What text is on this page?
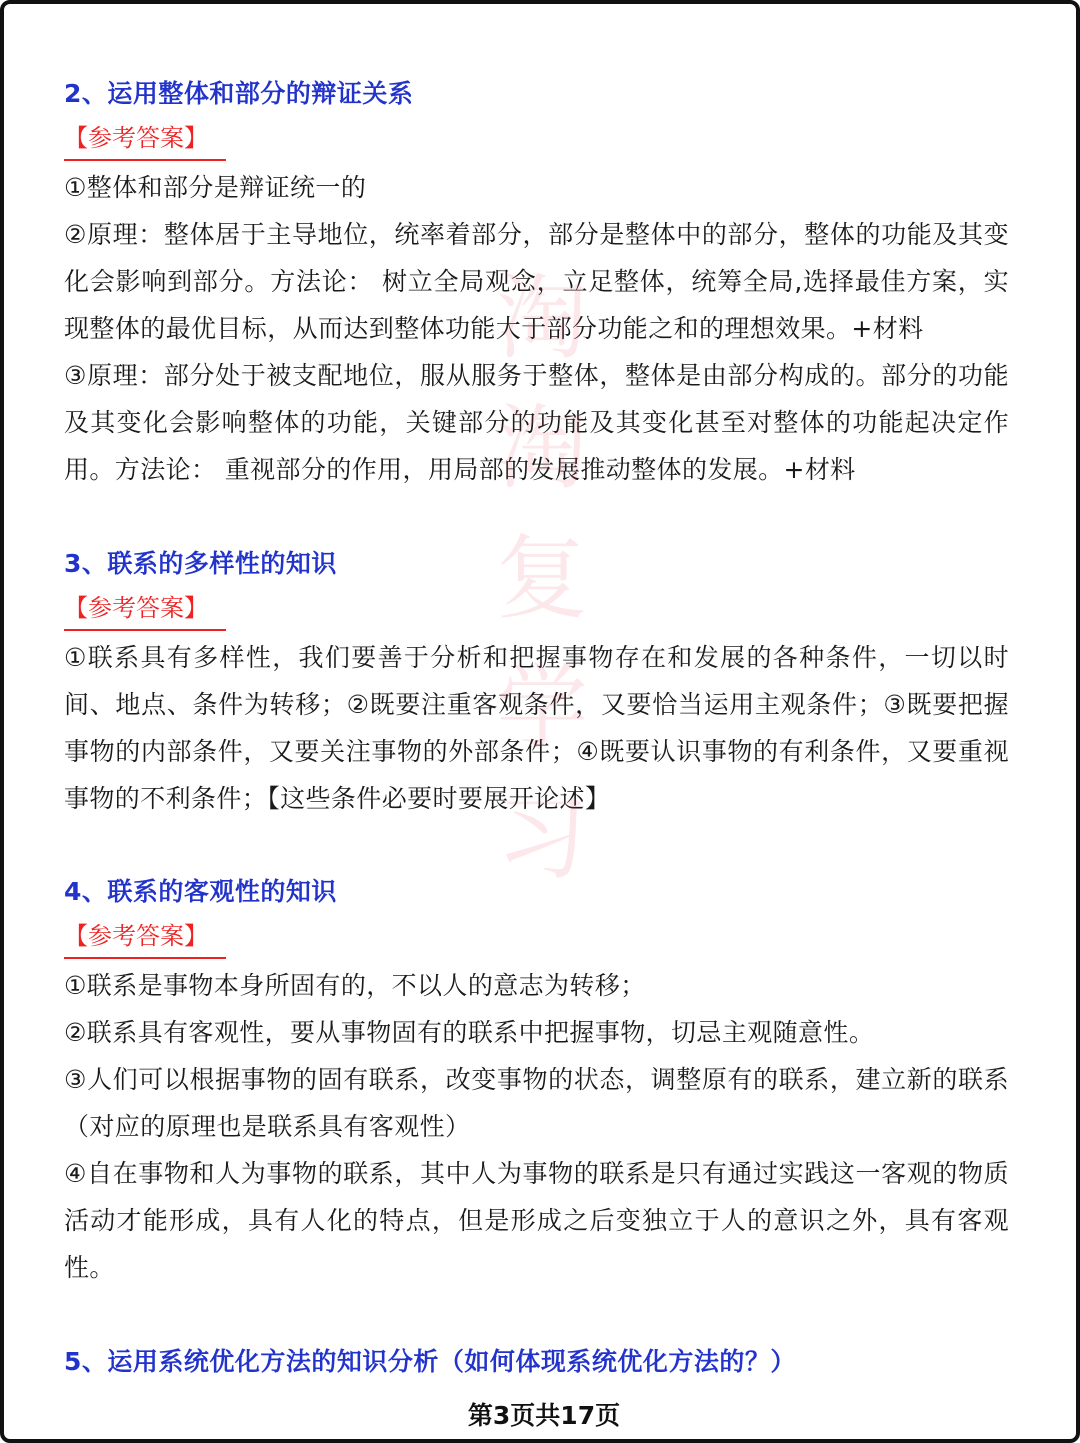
淘
淘
复
学
习
2、运用整体和部分的辩证关系
【参考答案】

①整体和部分是辩证统一的

②原理：整体居于主导地位，统率着部分，部分是整体中的部分，整体的功能及其变化会影响到部分。方法论： 树立全局观念，立足整体，统筹全局,选择最佳方案，实现整体的最优目标，从而达到整体功能大于部分功能之和的理想效果。+材料

③原理：部分处于被支配地位，服从服务于整体，整体是由部分构成的。部分的功能及其变化会影响整体的功能，关键部分的功能及其变化甚至对整体的功能起决定作用。方法论： 重视部分的作用，用局部的发展推动整体的发展。+材料

3、联系的多样性的知识
【参考答案】

①联系具有多样性，我们要善于分析和把握事物存在和发展的各种条件，一切以时间、地点、条件为转移；②既要注重客观条件，又要恰当运用主观条件；③既要把握事物的内部条件，又要关注事物的外部条件；④既要认识事物的有利条件，又要重视事物的不利条件；【这些条件必要时要展开论述】

4、联系的客观性的知识
【参考答案】

①联系是事物本身所固有的，不以人的意志为转移；

②联系具有客观性，要从事物固有的联系中把握事物，切忌主观随意性。

③人们可以根据事物的固有联系，改变事物的状态，调整原有的联系，建立新的联系（对应的原理也是联系具有客观性）

④自在事物和人为事物的联系，其中人为事物的联系是只有通过实践这一客观的物质活动才能形成，具有人化的特点，但是形成之后变独立于人的意识之外，具有客观性。

5、运用系统优化方法的知识分析（如何体现系统优化方法的？）
第3页共17页
